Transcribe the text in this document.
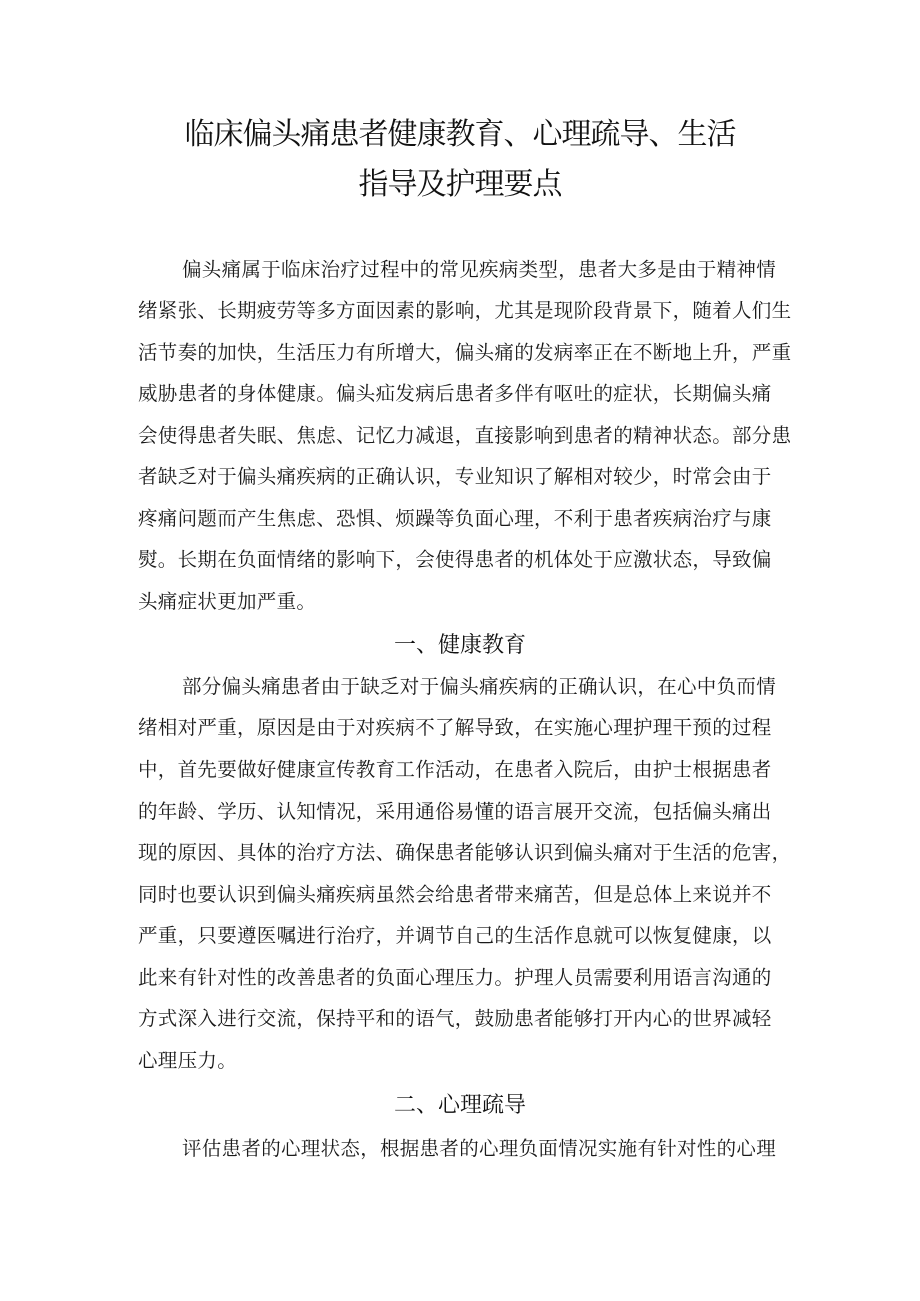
临床偏头痛患者健康教育、心理疏导、生活
指导及护理要点
偏头痛属于临床治疗过程中的常见疾病类型，患者大多是由于精神情
绪紧张、长期疲劳等多方面因素的影响，尤其是现阶段背景下，随着人们生
活节奏的加快，生活压力有所增大，偏头痛的发病率正在不断地上升，严重
威胁患者的身体健康。偏头疝发病后患者多伴有呕吐的症状，长期偏头痛
会使得患者失眠、焦虑、记忆力减退，直接影响到患者的精神状态。部分患
者缺乏对于偏头痛疾病的正确认识，专业知识了解相对较少，时常会由于
疼痛问题而产生焦虑、恐惧、烦躁等负面心理，不利于患者疾病治疗与康
熨。长期在负面情绪的影响下，会使得患者的机体处于应激状态，导致偏
头痛症状更加严重。
一、健康教育
部分偏头痛患者由于缺乏对于偏头痛疾病的正确认识，在心中负而情
绪相对严重，原因是由于对疾病不了解导致，在实施心理护理干预的过程
中，首先要做好健康宣传教育工作活动，在患者入院后，由护士根据患者
的年龄、学历、认知情况，采用通俗易懂的语言展开交流，包括偏头痛出
现的原因、具体的治疗方法、确保患者能够认识到偏头痛对于生活的危害，
同时也要认识到偏头痛疾病虽然会给患者带来痛苦，但是总体上来说并不
严重，只要遵医嘱进行治疗，并调节自己的生活作息就可以恢复健康，以
此来有针对性的改善患者的负面心理压力。护理人员需要利用语言沟通的
方式深入进行交流，保持平和的语气，鼓励患者能够打开内心的世界减轻
心理压力。
二、心理疏导
评估患者的心理状态，根据患者的心理负面情况实施有针对性的心理
